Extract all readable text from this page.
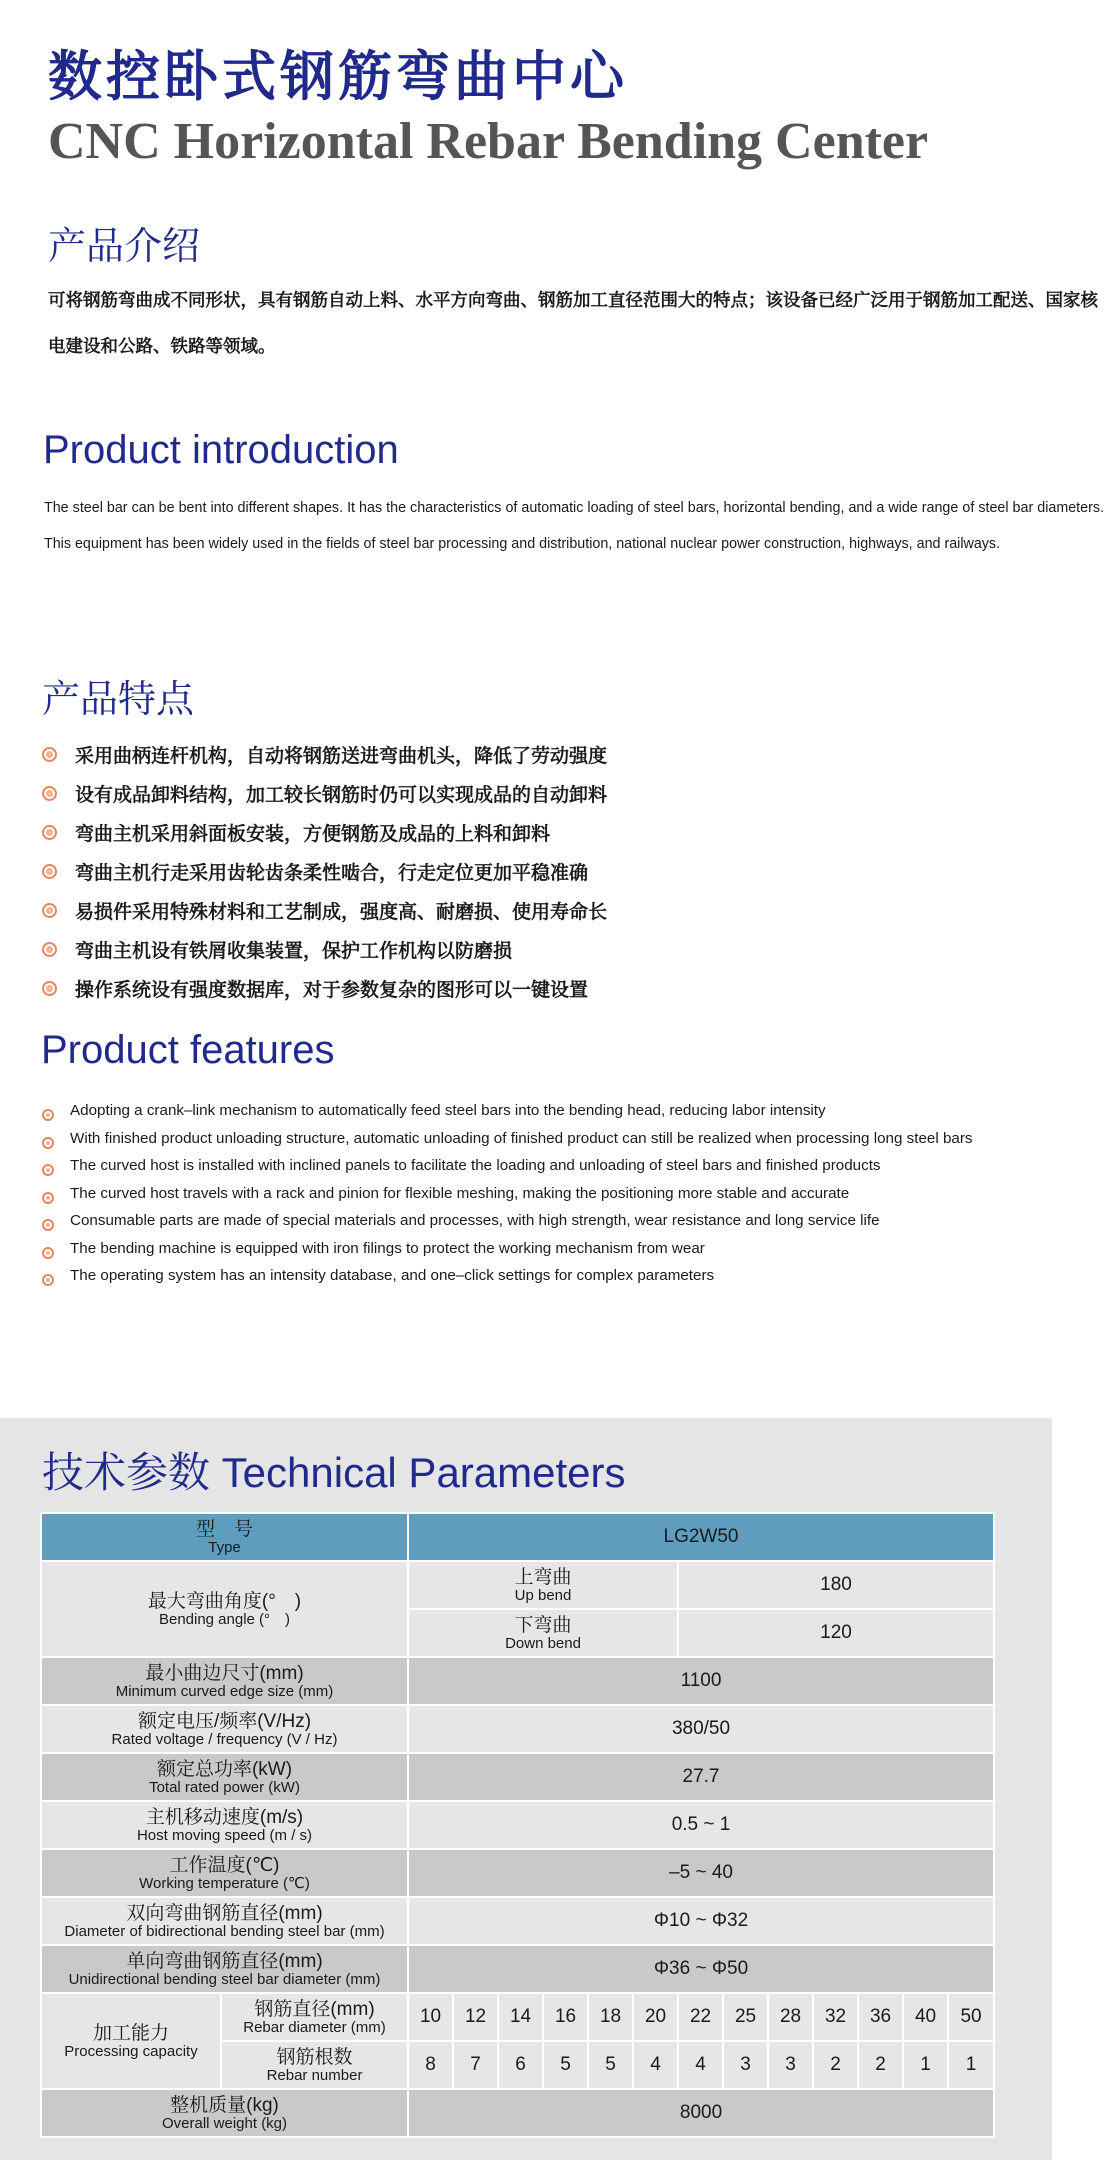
数控卧式钢筋弯曲中心
CNC Horizontal Rebar Bending Center
产品介绍

可将钢筋弯曲成不同形状，具有钢筋自动上料、水平方向弯曲、钢筋加工直径范围大的特点；该设备已经广泛用于钢筋加工配送、国家核电建设和公路、铁路等领域。

Product introduction

The steel bar can be bent into different shapes. It has the characteristics of automatic loading of steel bars, horizontal bending, and a wide range of steel bar diameters. This equipment has been widely used in the fields of steel bar processing and distribution, national nuclear power construction, highways, and railways.

产品特点
采用曲柄连杆机构，自动将钢筋送进弯曲机头，降低了劳动强度
设有成品卸料结构，加工较长钢筋时仍可以实现成品的自动卸料
弯曲主机采用斜面板安装，方便钢筋及成品的上料和卸料
弯曲主机行走采用齿轮齿条柔性啮合，行走定位更加平稳准确
易损件采用特殊材料和工艺制成，强度高、耐磨损、使用寿命长
弯曲主机设有铁屑收集装置，保护工作机构以防磨损
操作系统设有强度数据库，对于参数复杂的图形可以一键设置
Product features
Adopting a crank–link mechanism to automatically feed steel bars into the bending head, reducing labor intensity
With finished product unloading structure, automatic unloading of finished product can still be realized when processing long steel bars
The curved host is installed with inclined panels to facilitate the loading and unloading of steel bars and finished products
The curved host travels with a rack and pinion for flexible meshing, making the positioning more stable and accurate
Consumable parts are made of special materials and processes, with high strength, wear resistance and long service life
The bending machine is equipped with iron filings to protect the working mechanism from wear
The operating system has an intensity database, and one–click settings for complex parameters
技术参数 Technical Parameters
型　号
Type		LG2W50												

最大弯曲角度(°　)
Bending angle (°　)		上弯曲
Up bend						180						

		下弯曲
Down bend						120						

最小曲边尺寸(mm)
Minimum curved edge size (mm)		1100												

额定电压/频率(V/Hz)
Rated voltage / frequency (V / Hz)		380/50												

额定总功率(kW)
Total rated power (kW)		27.7												

主机移动速度(m/s)
Host moving speed (m / s)		0.5 ~ 1												

工作温度(℃)
Working temperature (℃)		–5 ~ 40												

双向弯曲钢筋直径(mm)
Diameter of bidirectional bending steel bar (mm)		Φ10 ~ Φ32												

单向弯曲钢筋直径(mm)
Unidirectional bending steel bar diameter (mm)		Φ36 ~ Φ50												

加工能力
Processing capacity	钢筋直径(mm)
Rebar diameter (mm)	10	12	14	16	18	20	22	25	28	32	36	40	50

	钢筋根数
Rebar number	8	7	6	5	5	4	4	3	3	2	2	1	1

整机质量(kg)
Overall weight (kg)		8000												
